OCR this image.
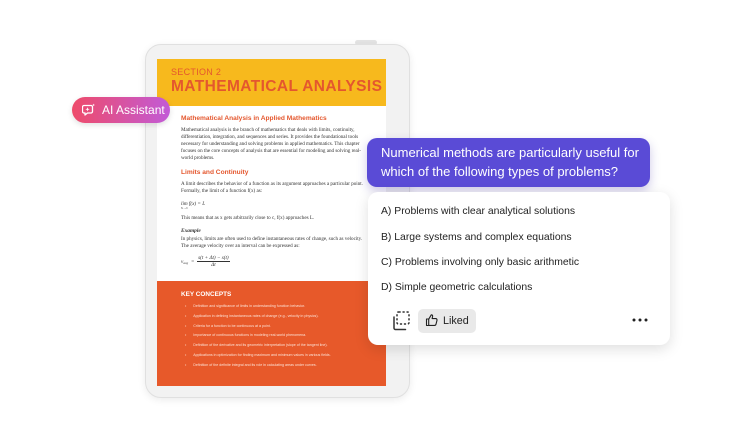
SECTION 2
MATHEMATICAL ANALYSIS
Mathematical Analysis in Applied Mathematics

Mathematical analysis is the branch of mathematics that deals with limits, continuity, differentiation, integration, and sequences and series. It provides the foundational tools necessary for understanding and solving problems in applied mathematics. This chapter focuses on the core concepts of analysis that are essential for modeling and solving real-world problems.

Limits and Continuity

A limit describes the behavior of a function as its argument approaches a particular point. Formally, the limit of a function f(x) as:

lim f(x) = L
x→c

This means that as x gets arbitrarily close to c, f(x) approaches L.

Example

In physics, limits are often used to define instantaneous rates of change, such as velocity. The average velocity over an interval can be expressed as:

v avg = $\frac{s(t + \Delta t) - s(t)}{\Delta t}$
KEY CONCEPTS
• Definition and significance of limits in understanding function behavior.
• Application in defining instantaneous rates of change (e.g., velocity in physics).
• Criteria for a function to be continuous at a point.
• Importance of continuous functions in modeling real-world phenomena.
• Definition of the derivative and its geometric interpretation (slope of the tangent line).
• Applications in optimization for finding maximum and minimum values in various fields.
• Definition of the definite integral and its role in calculating areas under curves.
AI Assistant
Numerical methods are particularly useful for which of the following types of problems?
A) Problems with clear analytical solutions
B) Large systems and complex equations
C) Problems involving only basic arithmetic
D) Simple geometric calculations
Liked
